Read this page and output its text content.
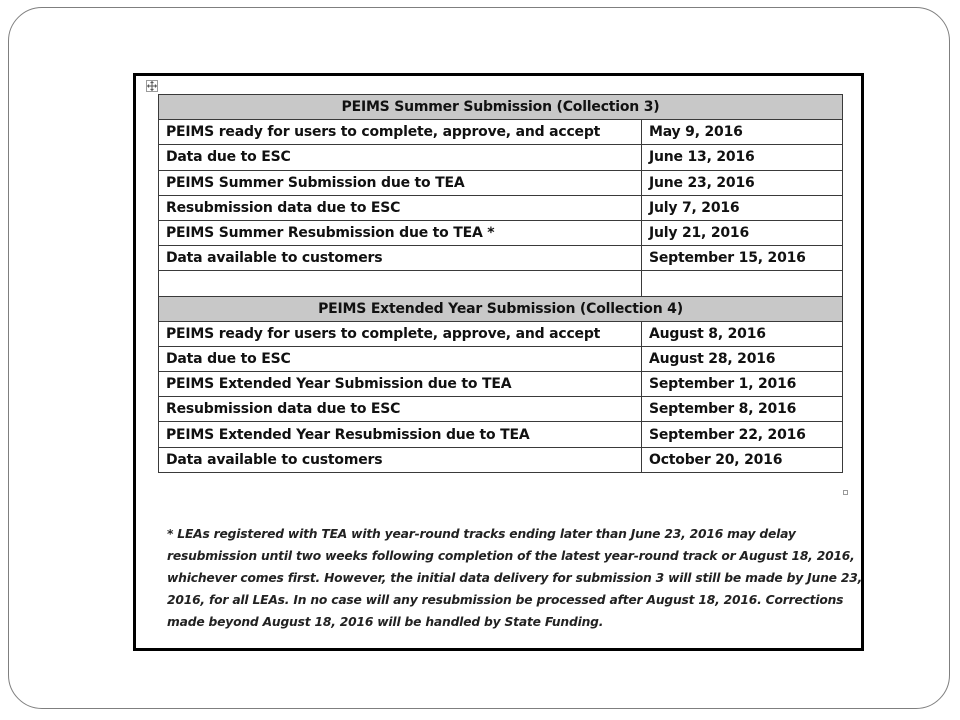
PEIMS Summer Submission (Collection 3)	
PEIMS ready for users to complete, approve, and accept	May 9, 2016
Data due to ESC	June 13, 2016
PEIMS Summer Submission due to TEA	June 23, 2016
Resubmission data due to ESC	July 7, 2016
PEIMS Summer Resubmission due to TEA *	July 21, 2016
Data available to customers	September 15, 2016

PEIMS Extended Year Submission (Collection 4)	
PEIMS ready for users to complete, approve, and accept	August 8, 2016
Data due to ESC	August 28, 2016
PEIMS Extended Year Submission due to TEA	September 1, 2016
Resubmission data due to ESC	September 8, 2016
PEIMS Extended Year Resubmission due to TEA	September 22, 2016
Data available to customers	October 20, 2016
* LEAs registered with TEA with year-round tracks ending later than June 23, 2016 may delay
resubmission until two weeks following completion of the latest year-round track or August 18, 2016,
whichever comes first. However, the initial data delivery for submission 3 will still be made by June 23,
2016, for all LEAs. In no case will any resubmission be processed after August 18, 2016. Corrections
made beyond August 18, 2016 will be handled by State Funding.
